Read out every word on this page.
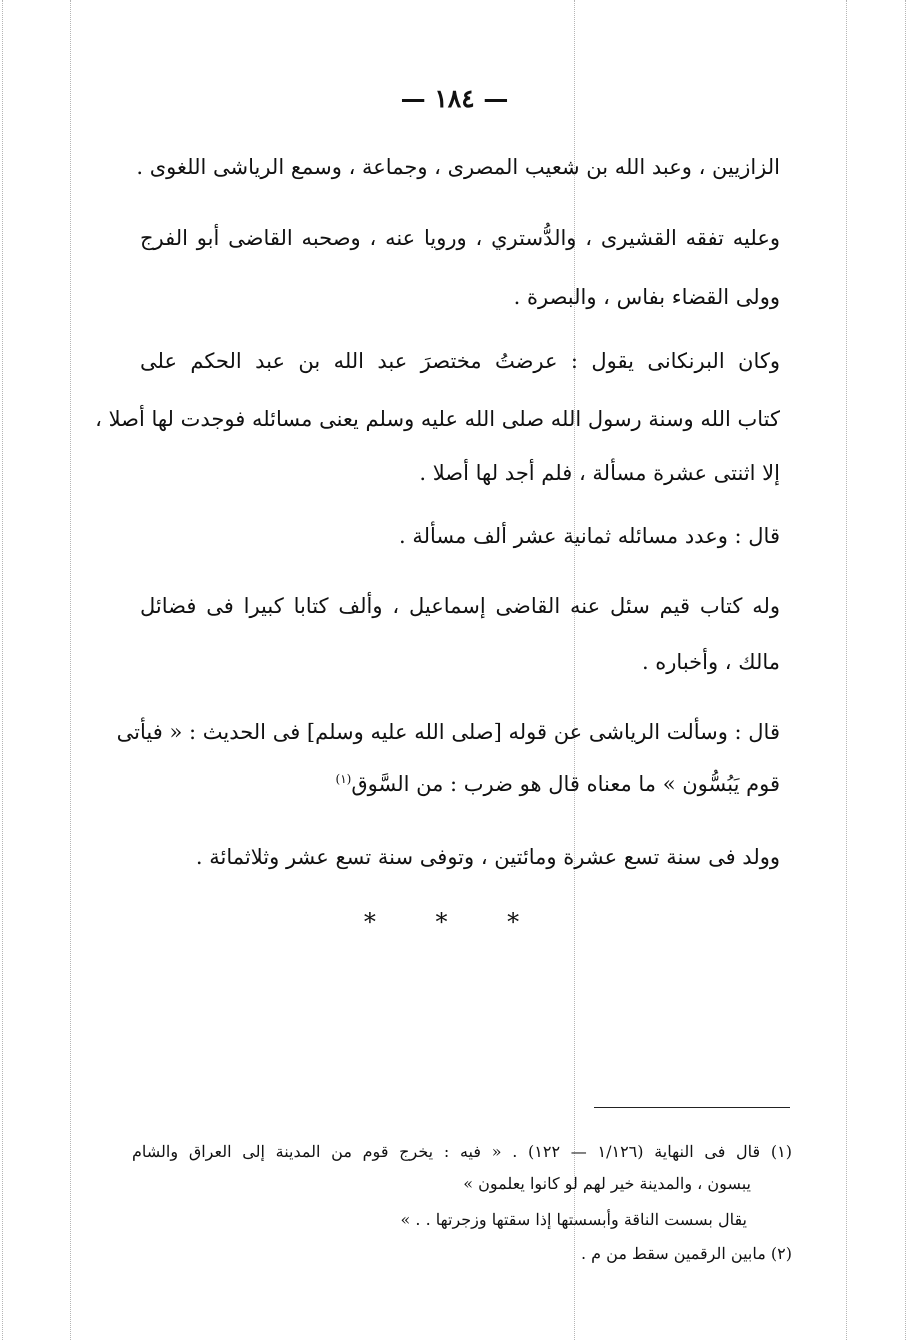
— ١٨٤ —
الزازيين ، وعبد الله بن شعيب المصرى ، وجماعة ، وسمع الرياشى اللغوى .
وعليه تفقه القشيرى ، والدُّستري ، ورويا عنه ، وصحبه القاضى أبو الفرج
وولى القضاء بفاس ، والبصرة .
وكان البرنكانى يقول : عرضتُ مختصرَ عبد الله بن عبد الحكم على
كتاب الله وسنة رسول الله صلى الله عليه وسلم يعنى مسائله فوجدت لها أصلا ،
إلا اثنتى عشرة مسألة ، فلم أجد لها أصلا .
قال : وعدد مسائله ثمانية عشر ألف مسألة .
وله كتاب قيم سئل عنه القاضى إسماعيل ، وألف كتابا كبيرا فى فضائل
مالك ، وأخباره .
قال : وسألت الرياشى عن قوله [صلى الله عليه وسلم] فى الحديث : « فيأتى
قوم يَبُسُّون » ما معناه قال هو ضرب : من السَّوق$^{(١)}$
وولد فى سنة تسع عشرة ومائتين ، وتوفى سنة تسع عشر وثلاثمائة .
* * *
(١) قال فى النهاية (١/١٢٦ — ١٢٢) . « فيه : يخرج قوم من المدينة إلى العراق والشام
يبسون ، والمدينة خير لهم لو كانوا يعلمون »
يقال بسست الناقة وأبسستها إذا سقتها وزجرتها . . »
(٢) مابين الرقمين سقط من م .
